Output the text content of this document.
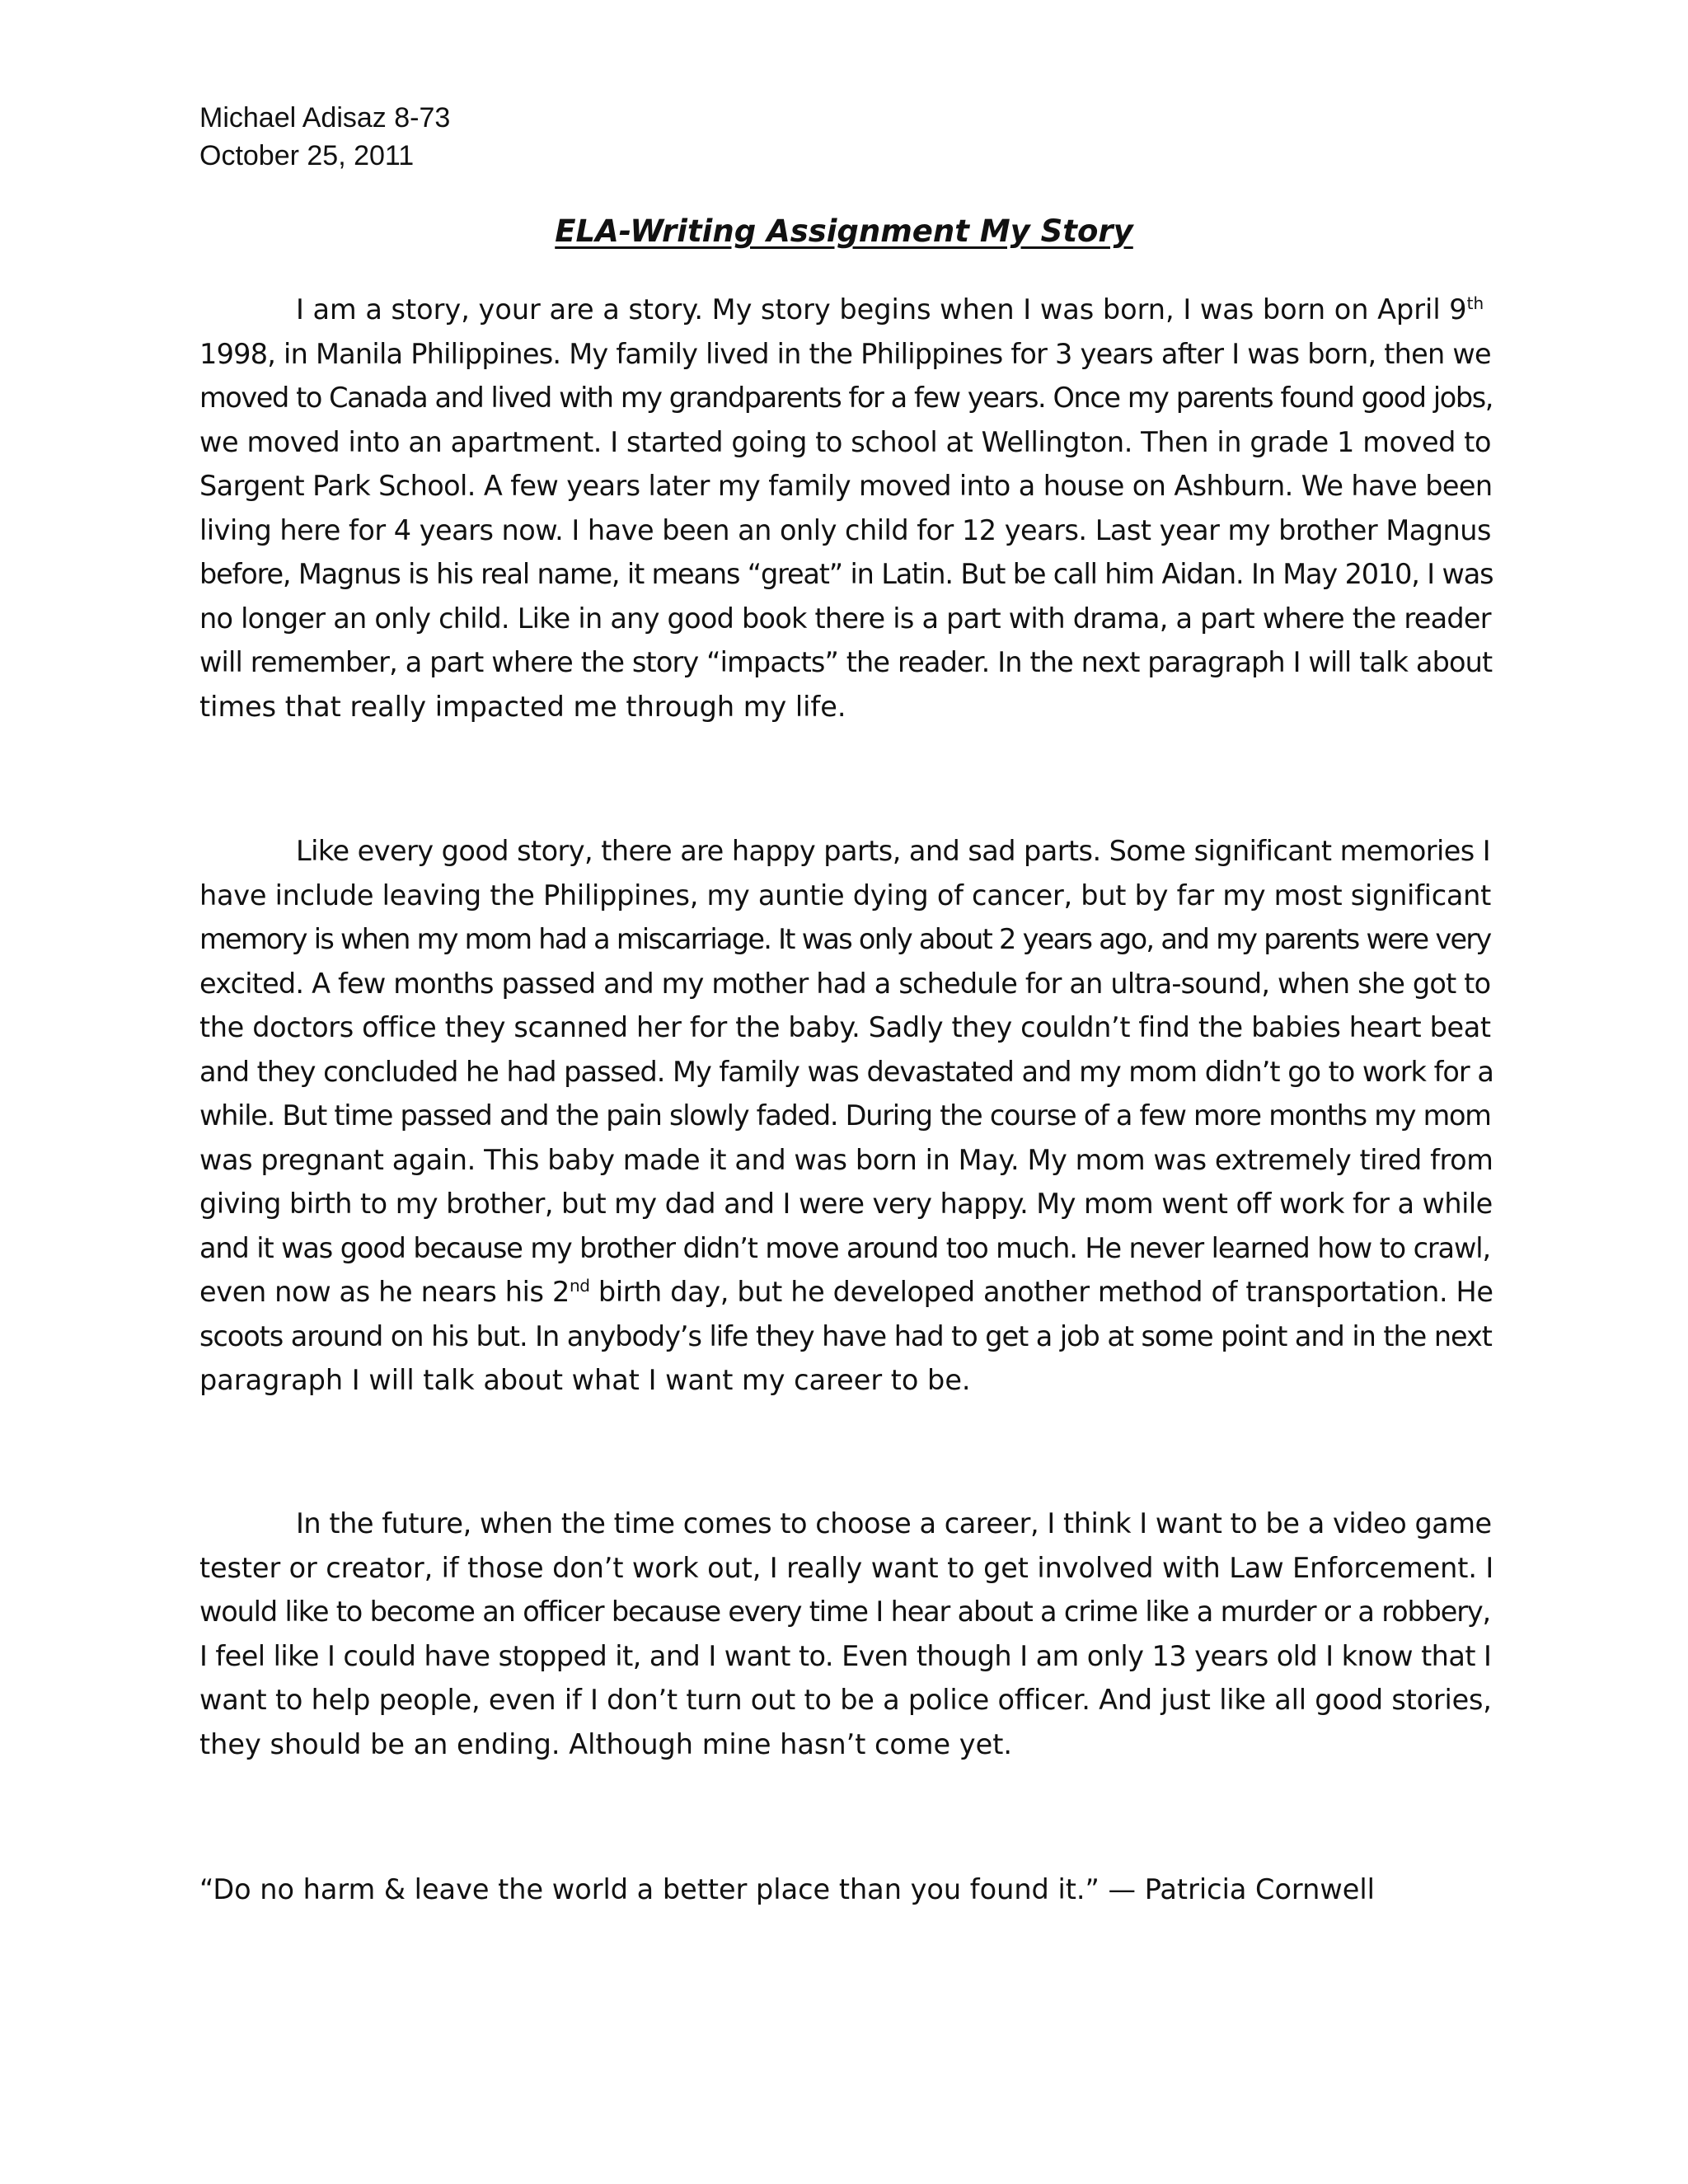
Michael Adisaz 8-73
October 25, 2011
ELA-Writing Assignment My Story
I am a story, your are a story. My story begins when I was born, I was born on April 9th
1998, in Manila Philippines. My family lived in the Philippines for 3 years after I was born, then we
moved to Canada and lived with my grandparents for a few years. Once my parents found good jobs,
we moved into an apartment. I started going to school at Wellington. Then in grade 1 moved to
Sargent Park School. A few years later my family moved into a house on Ashburn. We have been
living here for 4 years now. I have been an only child for 12 years. Last year my brother Magnus
before, Magnus is his real name, it means “great” in Latin. But be call him Aidan. In May 2010, I was
no longer an only child. Like in any good book there is a part with drama, a part where the reader
will remember, a part where the story “impacts” the reader. In the next paragraph I will talk about
times that really impacted me through my life.
Like every good story, there are happy parts, and sad parts. Some significant memories I
have include leaving the Philippines, my auntie dying of cancer, but by far my most significant
memory is when my mom had a miscarriage. It was only about 2 years ago, and my parents were very
excited. A few months passed and my mother had a schedule for an ultra-sound, when she got to
the doctors office they scanned her for the baby. Sadly they couldn’t find the babies heart beat
and they concluded he had passed. My family was devastated and my mom didn’t go to work for a
while. But time passed and the pain slowly faded. During the course of a few more months my mom
was pregnant again. This baby made it and was born in May. My mom was extremely tired from
giving birth to my brother, but my dad and I were very happy. My mom went off work for a while
and it was good because my brother didn’t move around too much. He never learned how to crawl,
even now as he nears his 2nd birth day, but he developed another method of transportation. He
scoots around on his but. In anybody’s life they have had to get a job at some point and in the next
paragraph I will talk about what I want my career to be.
In the future, when the time comes to choose a career, I think I want to be a video game
tester or creator, if those don’t work out, I really want to get involved with Law Enforcement. I
would like to become an officer because every time I hear about a crime like a murder or a robbery,
I feel like I could have stopped it, and I want to. Even though I am only 13 years old I know that I
want to help people, even if I don’t turn out to be a police officer. And just like all good stories,
they should be an ending. Although mine hasn’t come yet.
“Do no harm & leave the world a better place than you found it.” — Patricia Cornwell
